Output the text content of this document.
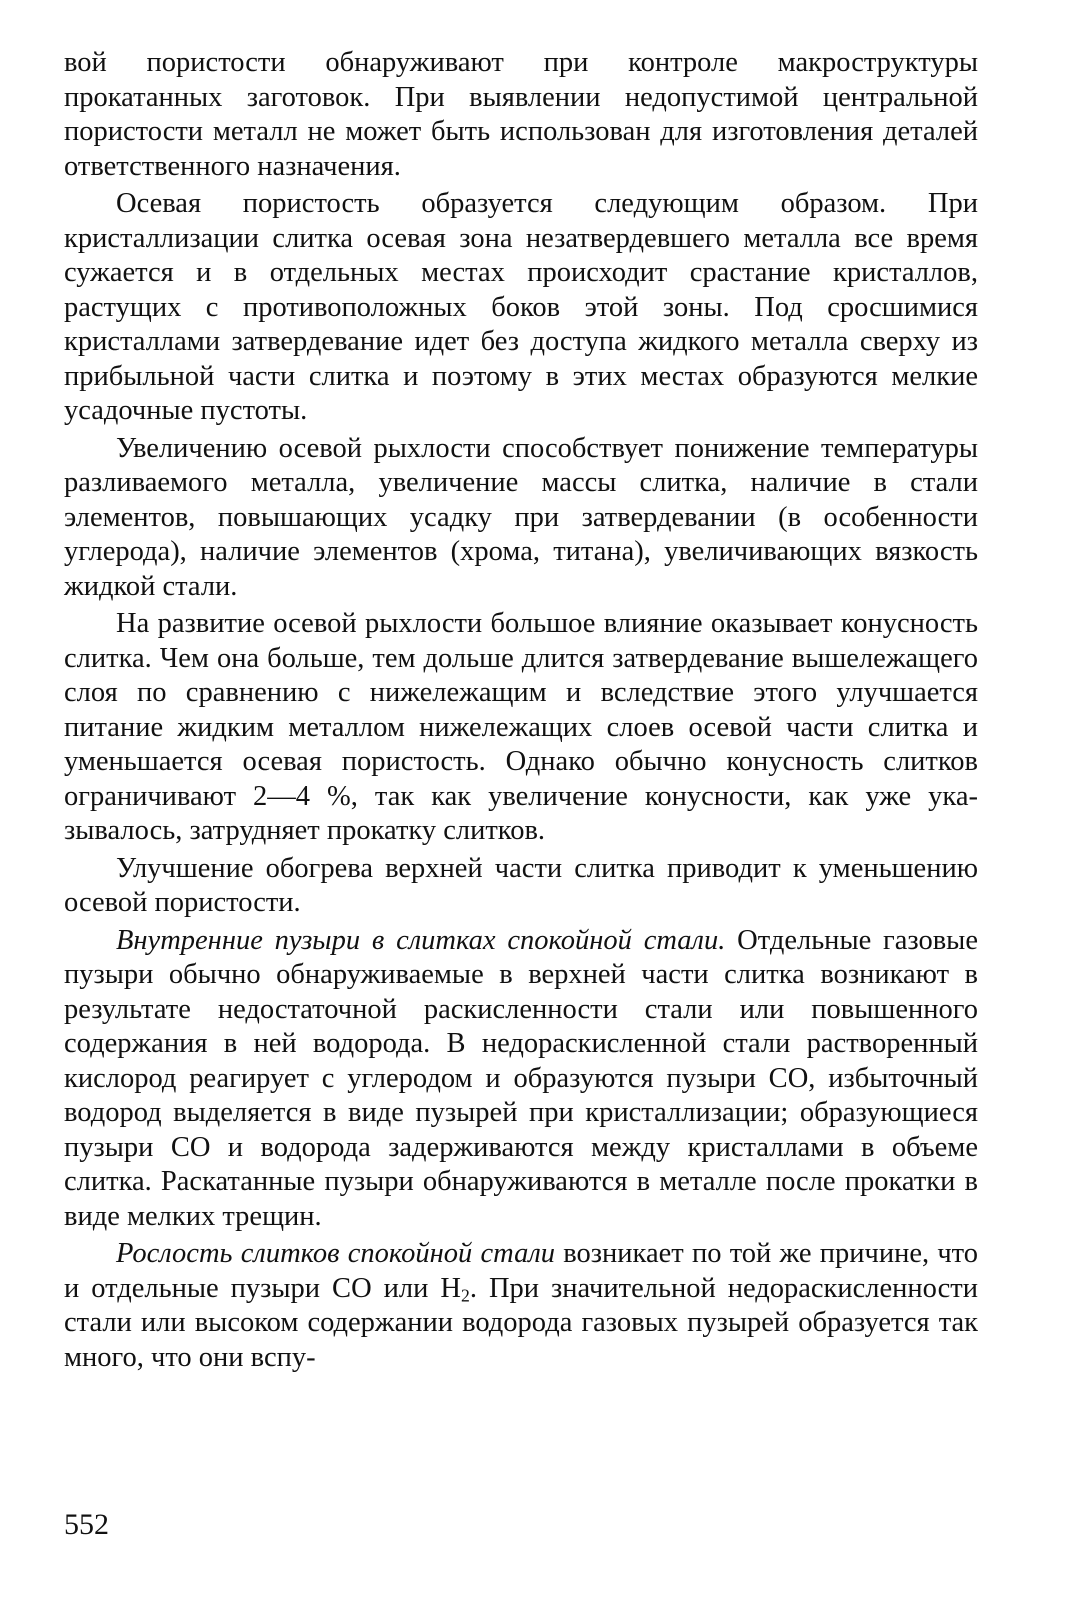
вой пористости обнаруживают при контроле макроструктуры прокатанных заготовок. При выявлении недопустимой центральной пористости металл не может быть использован для изготовления деталей ответственного назначения.

Осевая пористость образуется следующим образом. При кристаллизации слитка осевая зона незатвердевшего металла все время сужается и в отдельных местах происходит срастание кристаллов, растущих с противоположных боков этой зоны. Под сросшимися кристаллами затвердевание идет без доступа жидкого металла сверху из прибыльной части слитка и поэтому в этих местах образуются мелкие усадочные пустоты.

Увеличению осевой рыхлости способствует понижение температуры разливаемого металла, увеличение массы слитка, наличие в стали элементов, повышающих усадку при затвердевании (в особенности углерода), наличие элементов (хрома, титана), увеличивающих вязкость жидкой стали.

На развитие осевой рыхлости большое влияние оказывает конусность слитка. Чем она больше, тем дольше длится затвердевание вышележащего слоя по сравнению с нижележащим и вследствие этого улучшается питание жидким металлом нижележащих слоев осевой части слитка и уменьшается осевая пористость. Однако обычно конусность слитков ограничивают 2—4 %, так как увеличение конусности, как уже указывалось, затрудняет прокатку слитков.

Улучшение обогрева верхней части слитка приводит к уменьшению осевой пористости.

Внутренние пузыри в слитках спокойной стали. Отдельные газовые пузыри обычно обнаруживаемые в верхней части слитка возникают в результате недостаточной раскисленности стали или повышенного содержания в ней водорода. В недораскисленной стали растворенный кислород реагирует с углеродом и образуются пузыри СО, избыточный водород выделяется в виде пузырей при кристаллизации; образующиеся пузыри СО и водорода задерживаются между кристаллами в объеме слитка. Раскатанные пузыри обнаруживаются в металле после прокатки в виде мелких трещин.

Рослость слитков спокойной стали возникает по той же причине, что и отдельные пузыри СО или $Н_2$. При значительной недораскисленности стали или высоком содержании водорода газовых пузырей образуется так много, что они вспу-

552
